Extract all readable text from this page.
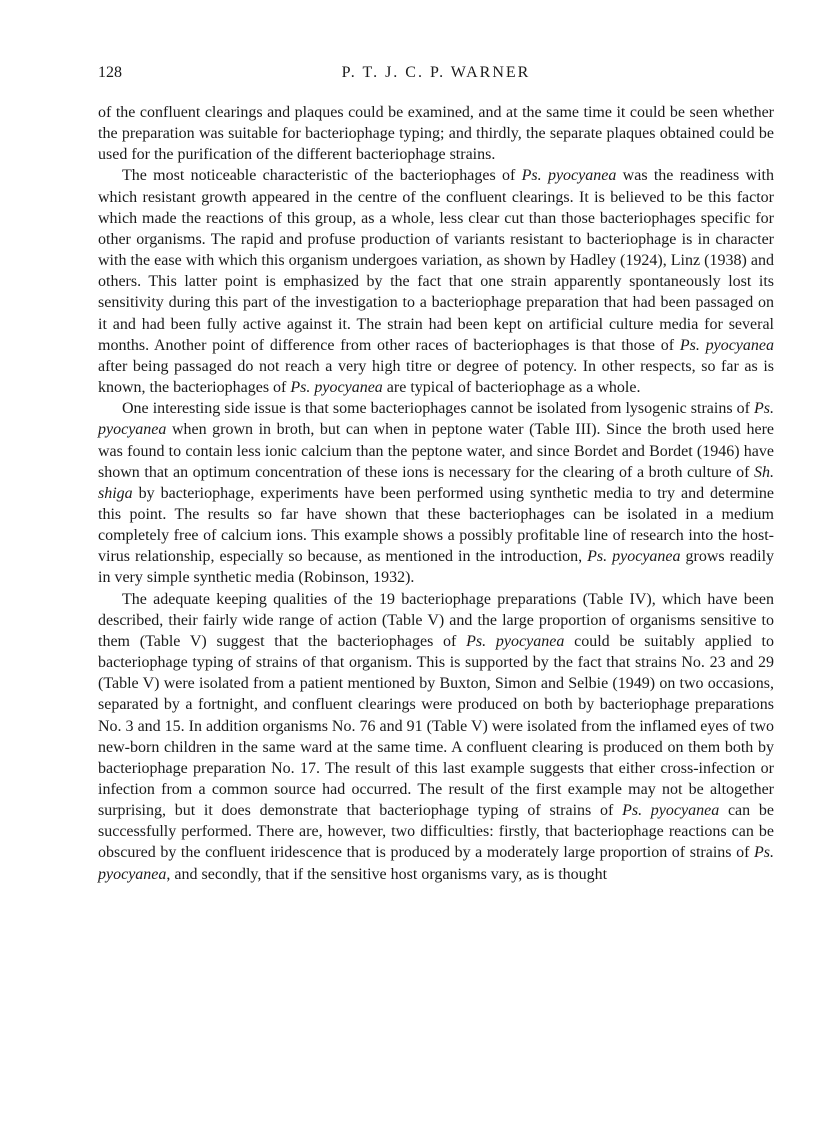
128	P. T. J. C. P. WARNER

of the confluent clearings and plaques could be examined, and at the same time it could be seen whether the preparation was suitable for bacteriophage typing; and thirdly, the separate plaques obtained could be used for the purification of the different bacteriophage strains.

The most noticeable characteristic of the bacteriophages of Ps. pyocyanea was the readiness with which resistant growth appeared in the centre of the confluent clearings. It is believed to be this factor which made the reactions of this group, as a whole, less clear cut than those bacteriophages specific for other organisms. The rapid and profuse production of variants resistant to bacteriophage is in character with the ease with which this organism undergoes variation, as shown by Hadley (1924), Linz (1938) and others. This latter point is emphasized by the fact that one strain apparently spontaneously lost its sensitivity during this part of the investigation to a bacteriophage preparation that had been passaged on it and had been fully active against it. The strain had been kept on artificial culture media for several months. Another point of difference from other races of bacteriophages is that those of Ps. pyocyanea after being passaged do not reach a very high titre or degree of potency. In other respects, so far as is known, the bacteriophages of Ps. pyocyanea are typical of bacteriophage as a whole.

One interesting side issue is that some bacteriophages cannot be isolated from lysogenic strains of Ps. pyocyanea when grown in broth, but can when in peptone water (Table III). Since the broth used here was found to contain less ionic calcium than the peptone water, and since Bordet and Bordet (1946) have shown that an optimum concentration of these ions is necessary for the clearing of a broth culture of Sh. shiga by bacteriophage, experiments have been performed using synthetic media to try and determine this point. The results so far have shown that these bacteriophages can be isolated in a medium completely free of calcium ions. This example shows a possibly profitable line of research into the host-virus relationship, especially so because, as mentioned in the introduction, Ps. pyocyanea grows readily in very simple synthetic media (Robinson, 1932).

The adequate keeping qualities of the 19 bacteriophage preparations (Table IV), which have been described, their fairly wide range of action (Table V) and the large proportion of organisms sensitive to them (Table V) suggest that the bacteriophages of Ps. pyocyanea could be suitably applied to bacteriophage typing of strains of that organism. This is supported by the fact that strains No. 23 and 29 (Table V) were isolated from a patient mentioned by Buxton, Simon and Selbie (1949) on two occasions, separated by a fortnight, and confluent clearings were produced on both by bacteriophage preparations No. 3 and 15. In addition organisms No. 76 and 91 (Table V) were isolated from the inflamed eyes of two new-born children in the same ward at the same time. A confluent clearing is produced on them both by bacteriophage preparation No. 17. The result of this last example suggests that either cross-infection or infection from a common source had occurred. The result of the first example may not be altogether surprising, but it does demonstrate that bacteriophage typing of strains of Ps. pyocyanea can be successfully performed. There are, however, two difficulties: firstly, that bacteriophage reactions can be obscured by the confluent iridescence that is produced by a moderately large proportion of strains of Ps. pyocyanea, and secondly, that if the sensitive host organisms vary, as is thought
